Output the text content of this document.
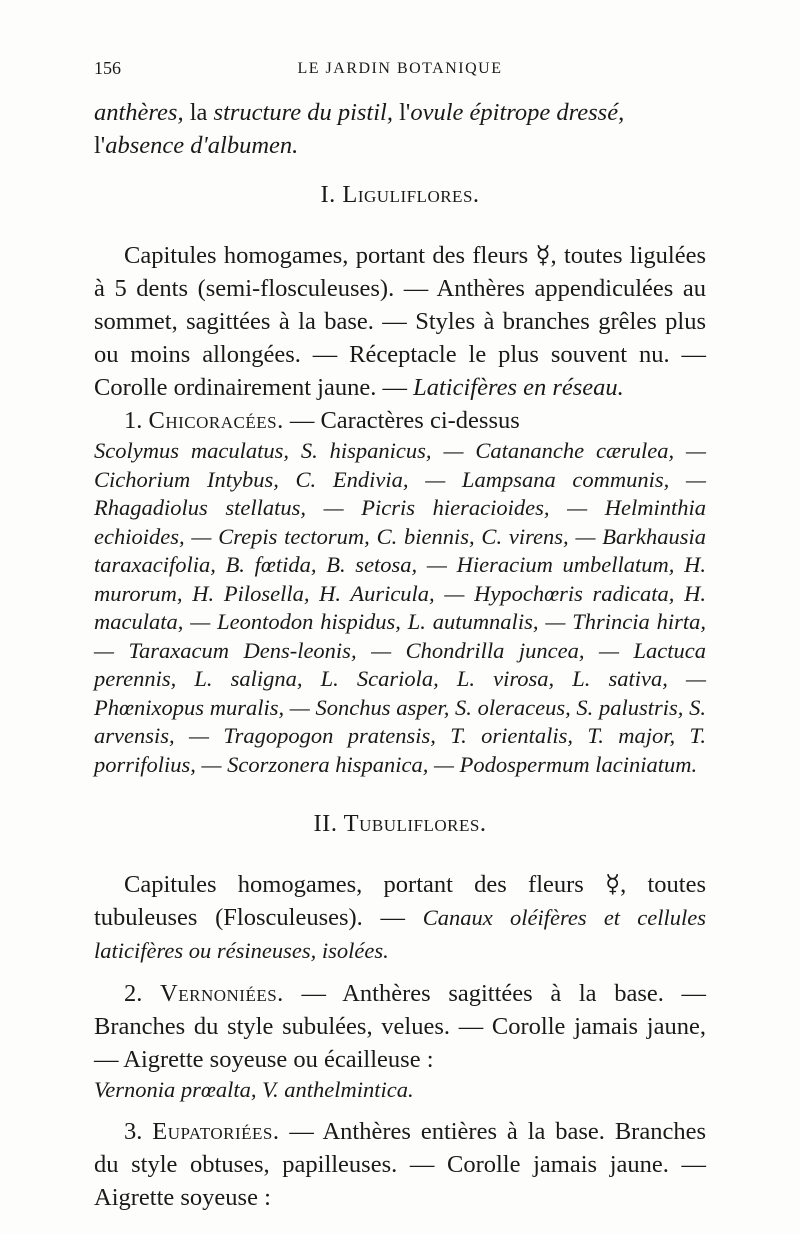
156	LE JARDIN BOTANIQUE

anthères, la structure du pistil, l'ovule épitrope dressé,
l'absence d'albumen.

I. Liguliflores.

Capitules homogames, portant des fleurs ☿, toutes ligulées à 5 dents (semi-flosculeuses). — Anthères appendiculées au sommet, sagittées à la base. — Styles à branches grêles plus ou moins allongées. — Réceptacle le plus souvent nu. — Corolle ordinairement jaune. — Laticifères en réseau.

1. Chicoracées. — Caractères ci-dessus

Scolymus maculatus, S. hispanicus, — Catananche cærulea, — Cichorium Intybus, C. Endivia, — Lampsana communis, — Rhagadiolus stellatus, — Picris hieracioides, — Helminthia echioides, — Crepis tectorum, C. biennis, C. virens, — Barkhausia taraxacifolia, B. fœtida, B. setosa, — Hieracium umbellatum, H. murorum, H. Pilosella, H. Auricula, — Hypochœris radicata, H. maculata, — Leontodon hispidus, L. autumnalis, — Thrincia hirta, — Taraxacum Dens-leonis, — Chondrilla juncea, — Lactuca perennis, L. saligna, L. Scariola, L. virosa, L. sativa, — Phœnixopus muralis, — Sonchus asper, S. oleraceus, S. palustris, S. arvensis, — Tragopogon pratensis, T. orientalis, T. major, T. porrifolius, — Scorzonera hispanica, — Podospermum laciniatum.

II. Tubuliflores.

Capitules homogames, portant des fleurs ☿, toutes tubuleuses (Flosculeuses). — Canaux oléifères et cellules laticifères ou résineuses, isolées.

2. Vernoniées. — Anthères sagittées à la base. — Branches du style subulées, velues. — Corolle jamais jaune, — Aigrette soyeuse ou écailleuse :

Vernonia prœalta, V. anthelmintica.

3. Eupatoriées. — Anthères entières à la base. Branches du style obtuses, papilleuses. — Corolle jamais jaune. — Aigrette soyeuse :
